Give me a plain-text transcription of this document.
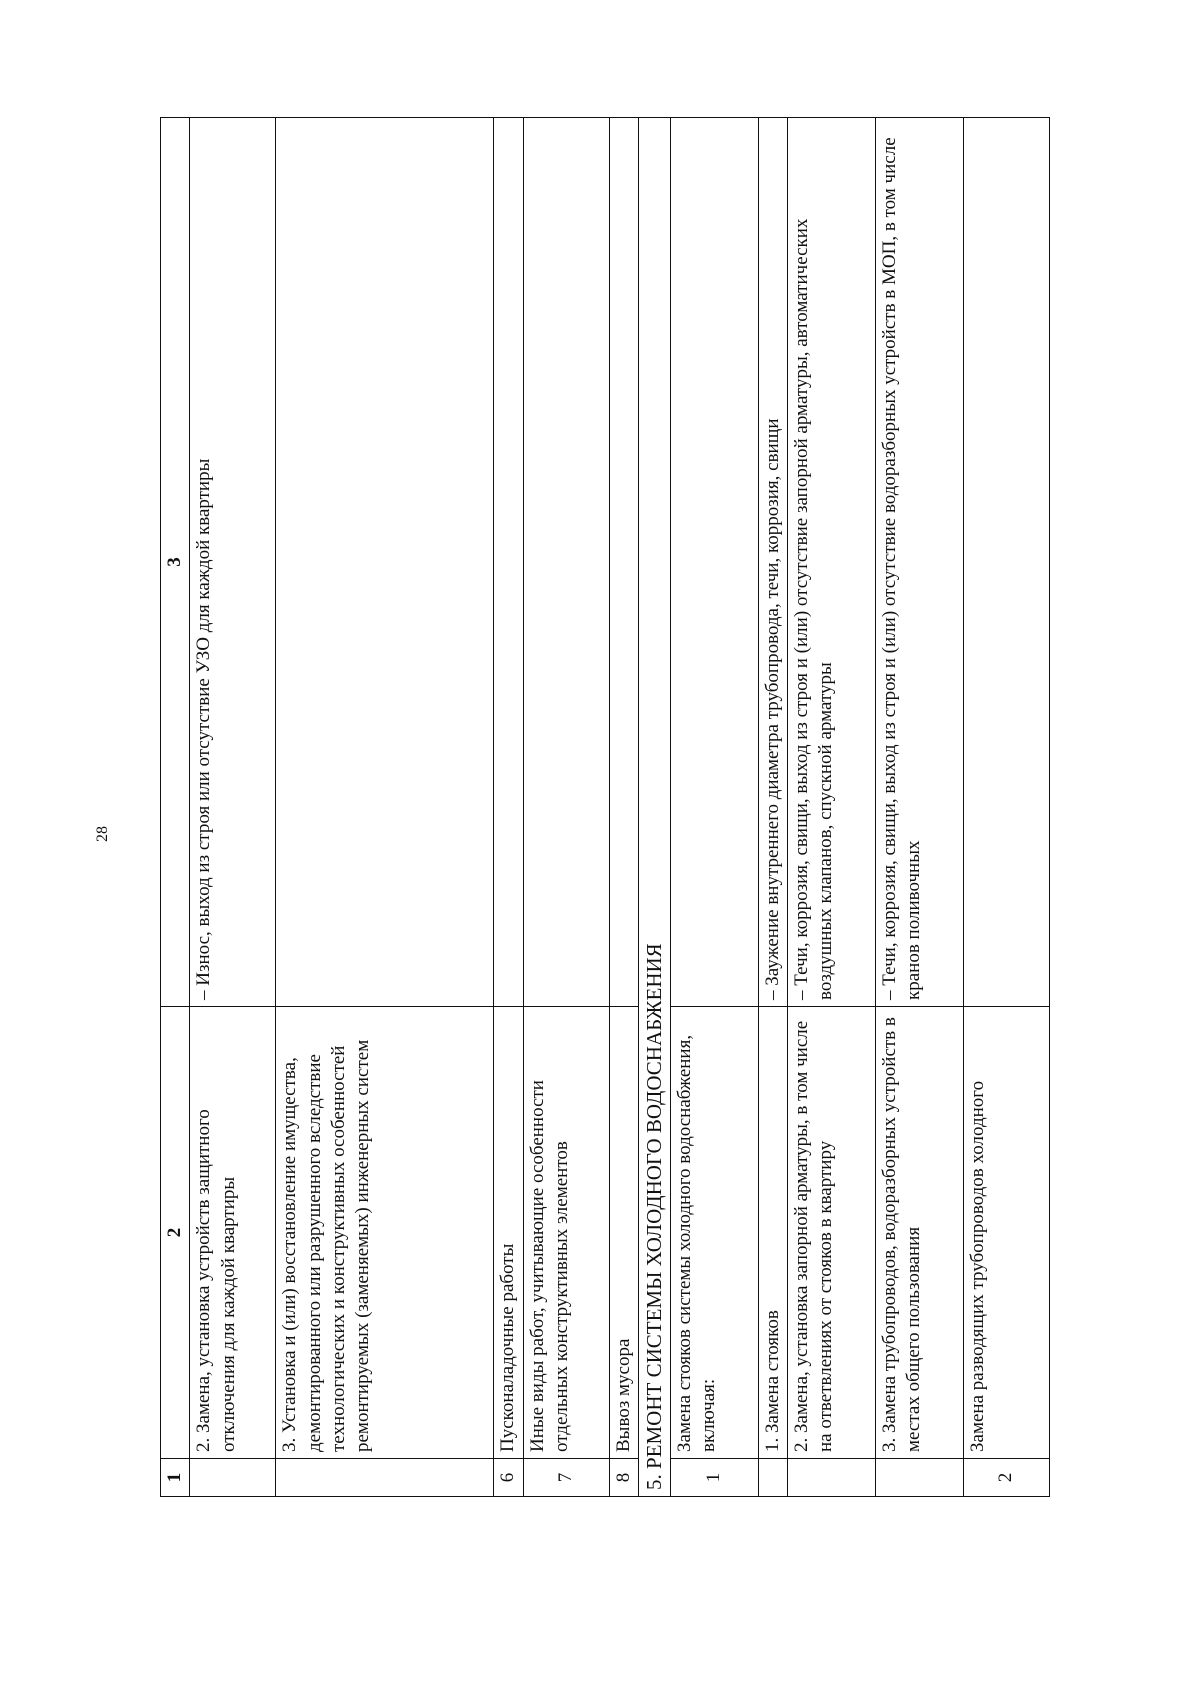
28
1	2	3
	2. Замена, установка устройств защитного отключения для каждой квартиры	– Износ, выход из строя или отсутствие УЗО для каждой квартиры
	3. Установка и (или) восстановление имущества, демонтированного или разрушенного вследствие технологических и конструктивных особенностей ремонтируемых (заменяемых) инженерных систем	
6	Пусконаладочные работы	
7	Иные виды работ, учитывающие особенности отдельных конструктивных элементов	
8	Вывоз мусора	
5. РЕМОНТ СИСТЕМЫ ХОЛОДНОГО ВОДОСНАБЖЕНИЯ		
1	Замена стояков системы холодного водоснабжения, включая:	
	1. Замена стояков	– Заужение внутреннего диаметра трубопровода, течи, коррозия, свищи
	2. Замена, установка запорной арматуры, в том числе на ответвлениях от стояков в квартиру	– Течи, коррозия, свищи, выход из строя и (или) отсутствие запорной арматуры, автоматических воздушных клапанов, спускной арматуры
	3. Замена трубопроводов, водоразборных устройств в местах общего пользования	– Течи, коррозия, свищи, выход из строя и (или) отсутствие водоразборных устройств в МОП, в том числе кранов поливочных
2	Замена разводящих трубопроводов холодного	
